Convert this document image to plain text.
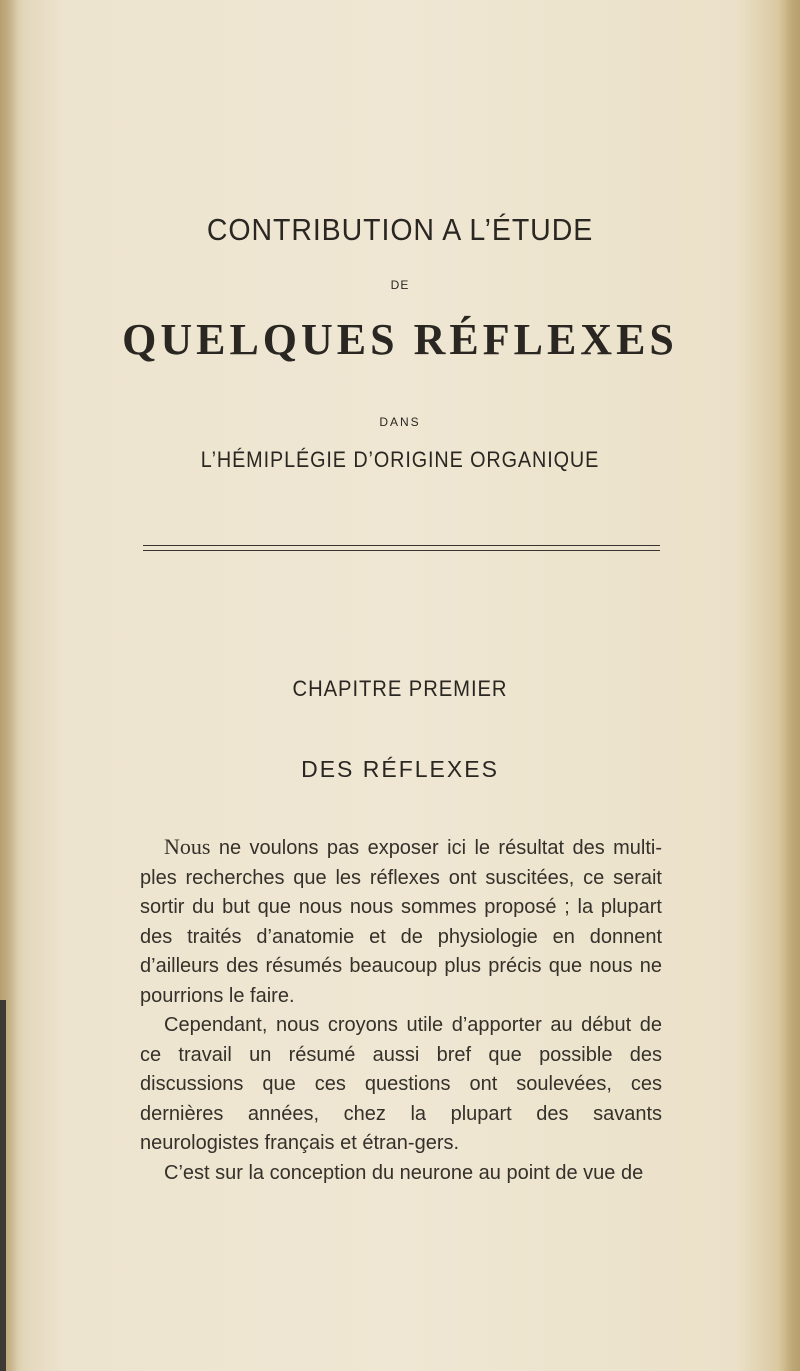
CONTRIBUTION A L’ÉTUDE
DE
QUELQUES RÉFLEXES
DANS
L’HÉMIPLÉGIE D’ORIGINE ORGANIQUE
CHAPITRE PREMIER
DES RÉFLEXES

Nous ne voulons pas exposer ici le résultat des multi-ples recherches que les réflexes ont suscitées, ce serait sortir du but que nous nous sommes proposé ; la plupart des traités d’anatomie et de physiologie en donnent d’ailleurs des résumés beaucoup plus précis que nous ne pourrions le faire.

Cependant, nous croyons utile d’apporter au début de ce travail un résumé aussi bref que possible des discussions que ces questions ont soulevées, ces dernières années, chez la plupart des savants neurologistes français et étran-gers.

C’est sur la conception du neurone au point de vue de
